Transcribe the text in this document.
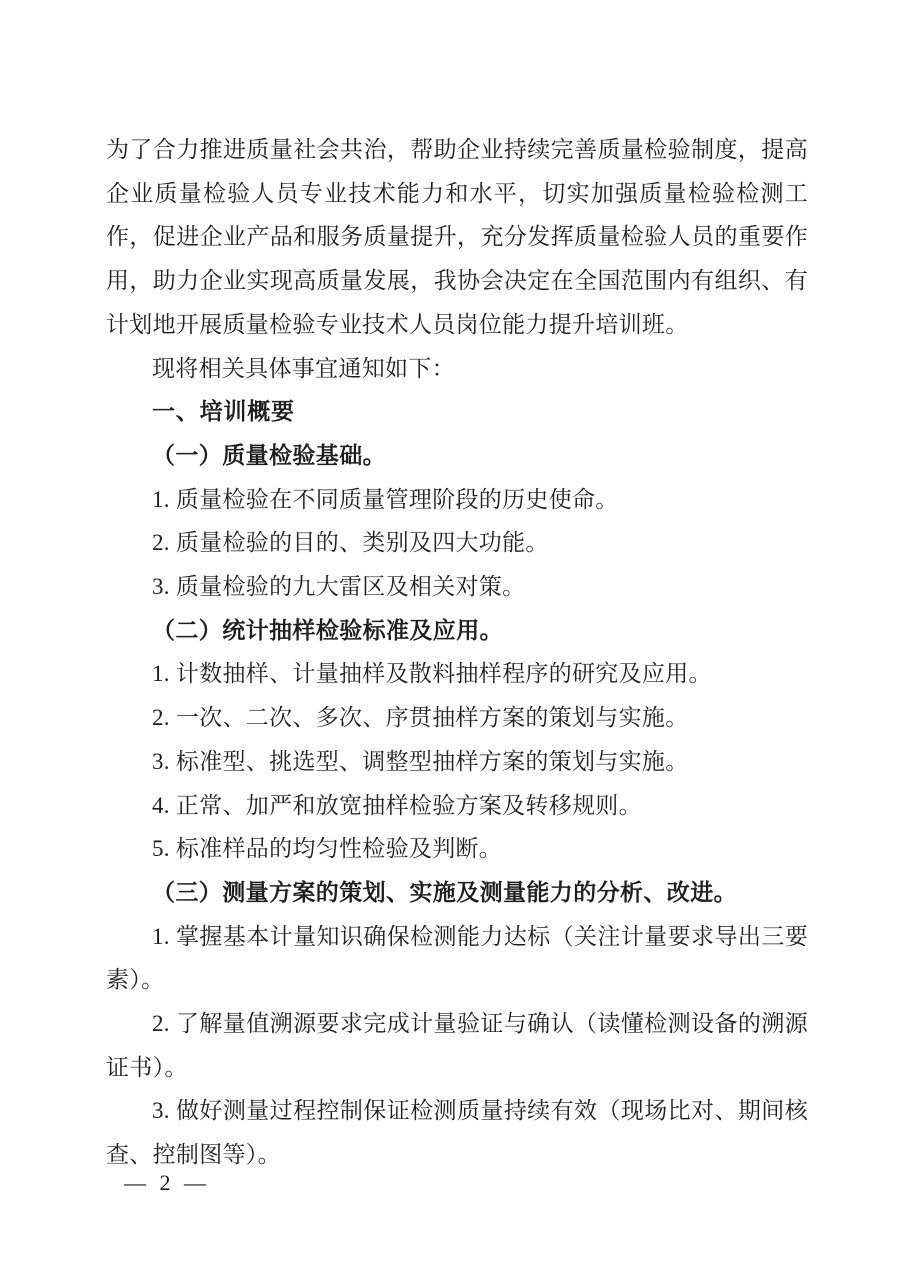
为了合力推进质量社会共治，帮助企业持续完善质量检验制度，提高企业质量检验人员专业技术能力和水平，切实加强质量检验检测工作，促进企业产品和服务质量提升，充分发挥质量检验人员的重要作用，助力企业实现高质量发展，我协会决定在全国范围内有组织、有计划地开展质量检验专业技术人员岗位能力提升培训班。

现将相关具体事宜通知如下：

一、培训概要

（一）质量检验基础。

1. 质量检验在不同质量管理阶段的历史使命。

2. 质量检验的目的、类别及四大功能。

3. 质量检验的九大雷区及相关对策。

（二）统计抽样检验标准及应用。

1. 计数抽样、计量抽样及散料抽样程序的研究及应用。

2. 一次、二次、多次、序贯抽样方案的策划与实施。

3. 标准型、挑选型、调整型抽样方案的策划与实施。

4. 正常、加严和放宽抽样检验方案及转移规则。

5. 标准样品的均匀性检验及判断。

（三）测量方案的策划、实施及测量能力的分析、改进。

1. 掌握基本计量知识确保检测能力达标（关注计量要求导出三要素）。

2. 了解量值溯源要求完成计量验证与确认（读懂检测设备的溯源证书）。

3. 做好测量过程控制保证检测质量持续有效（现场比对、期间核查、控制图等）。

— 2 —
